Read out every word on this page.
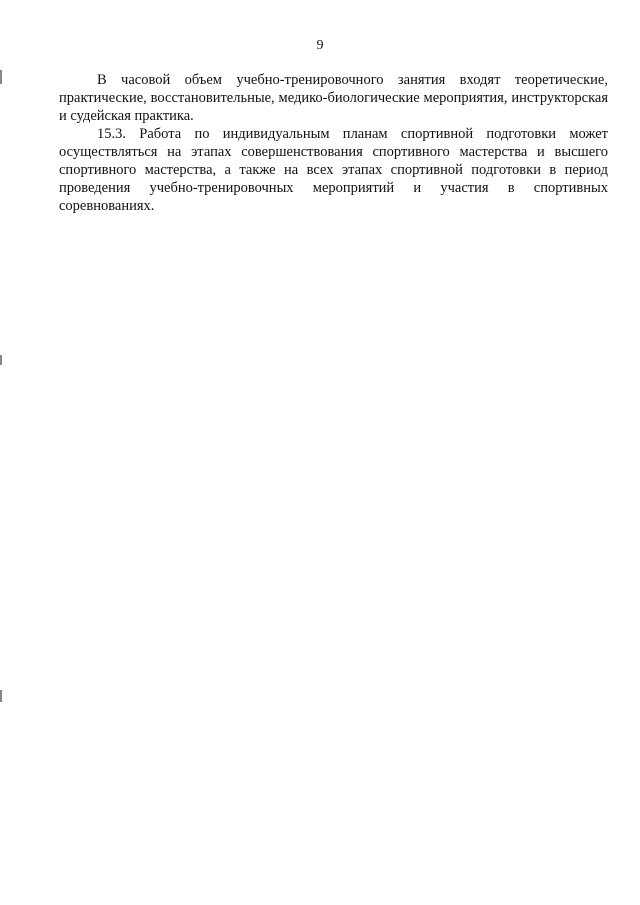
9

В часовой объем учебно-тренировочного занятия входят теоретические, практические, восстановительные, медико-биологические мероприятия, инструкторская и судейская практика.

15.3. Работа по индивидуальным планам спортивной подготовки может осуществляться на этапах совершенствования спортивного мастерства и высшего спортивного мастерства, а также на всех этапах спортивной подготовки в период проведения учебно-тренировочных мероприятий и участия в спортивных соревнованиях.
